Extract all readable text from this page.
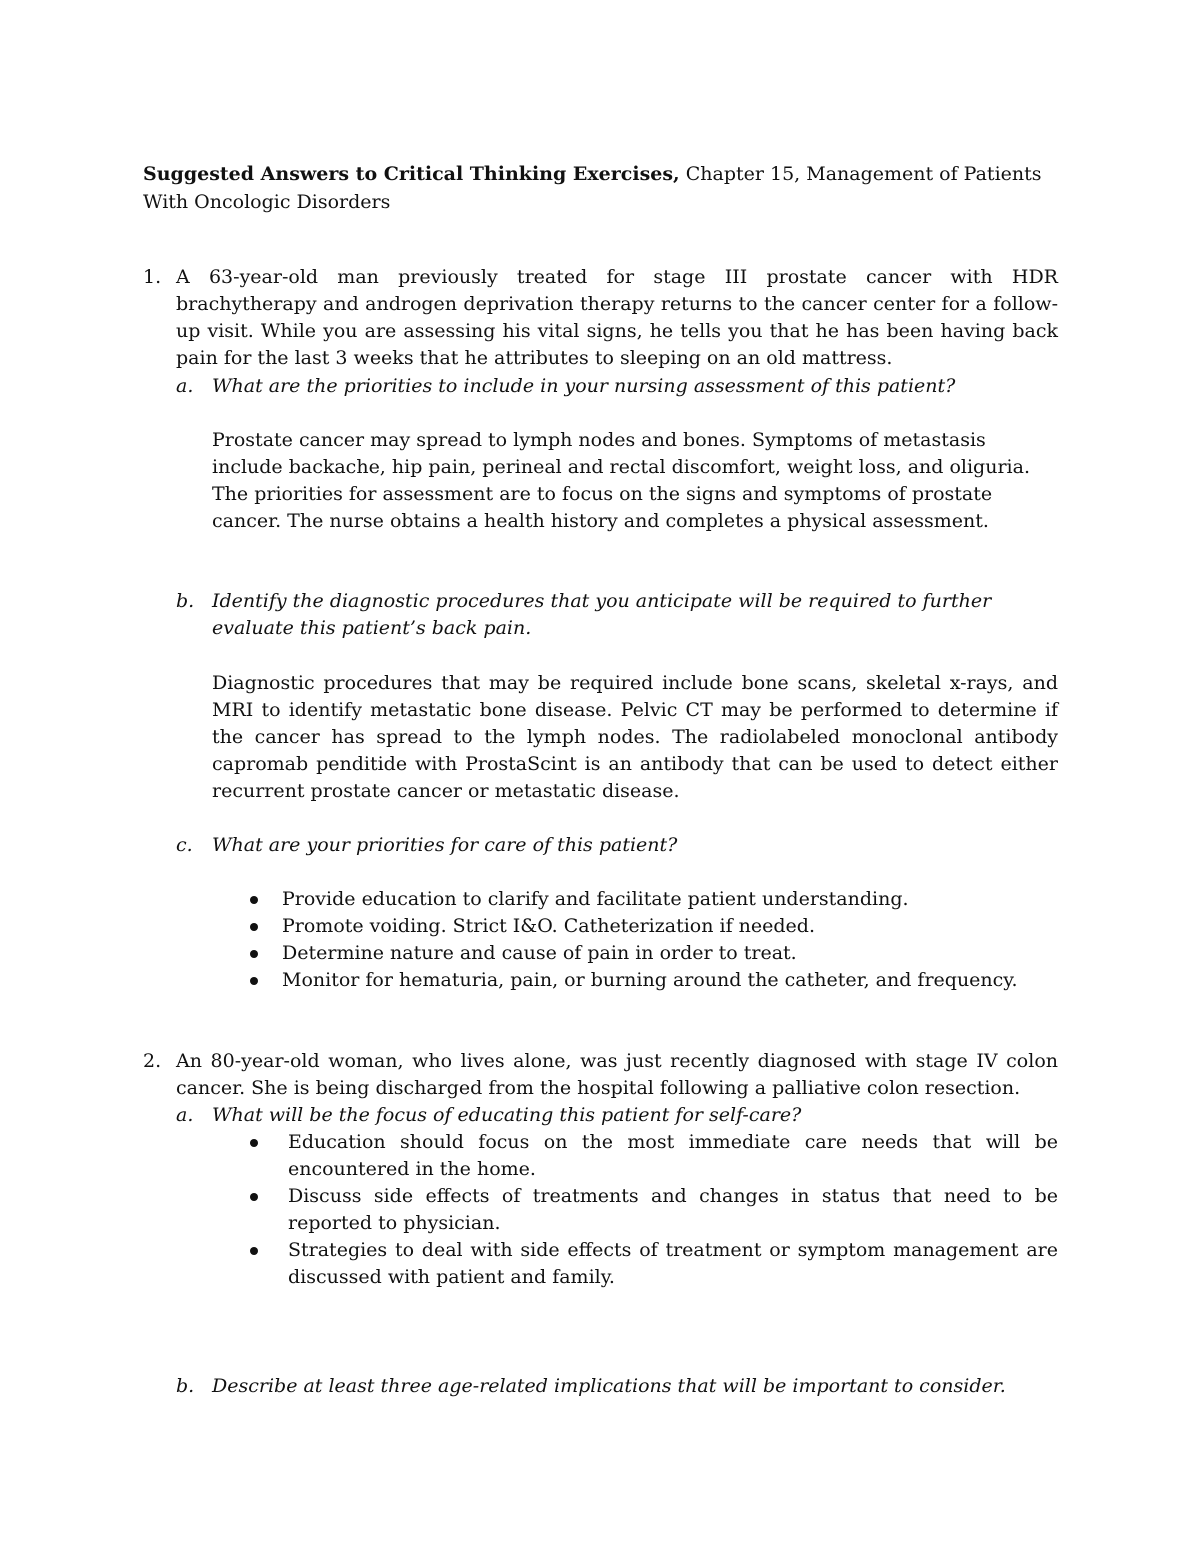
Suggested Answers to Critical Thinking Exercises, Chapter 15, Management of Patients With Oncologic Disorders
1. A 63-year-old man previously treated for stage III prostate cancer with HDR brachytherapy and androgen deprivation therapy returns to the cancer center for a follow-up visit. While you are assessing his vital signs, he tells you that he has been having back pain for the last 3 weeks that he attributes to sleeping on an old mattress.
a. What are the priorities to include in your nursing assessment of this patient?

Prostate cancer may spread to lymph nodes and bones. Symptoms of metastasis include backache, hip pain, perineal and rectal discomfort, weight loss, and oliguria.

The priorities for assessment are to focus on the signs and symptoms of prostate cancer. The nurse obtains a health history and completes a physical assessment.

b. Identify the diagnostic procedures that you anticipate will be required to further evaluate this patient’s back pain.
Diagnostic procedures that may be required include bone scans, skeletal x-rays, and MRI to identify metastatic bone disease. Pelvic CT may be performed to determine if the cancer has spread to the lymph nodes. The radiolabeled monoclonal antibody capromab penditide with ProstaScint is an antibody that can be used to detect either recurrent prostate cancer or metastatic disease.
c. What are your priorities for care of this patient?
Provide education to clarify and facilitate patient understanding.
Promote voiding. Strict I&O. Catheterization if needed.
Determine nature and cause of pain in order to treat.
Monitor for hematuria, pain, or burning around the catheter, and frequency.
2. An 80-year-old woman, who lives alone, was just recently diagnosed with stage IV colon cancer. She is being discharged from the hospital following a palliative colon resection.
a. What will be the focus of educating this patient for self-care?
Education should focus on the most immediate care needs that will be encountered in the home.
Discuss side effects of treatments and changes in status that need to be reported to physician.
Strategies to deal with side effects of treatment or symptom management are discussed with patient and family.
b. Describe at least three age-related implications that will be important to consider.
